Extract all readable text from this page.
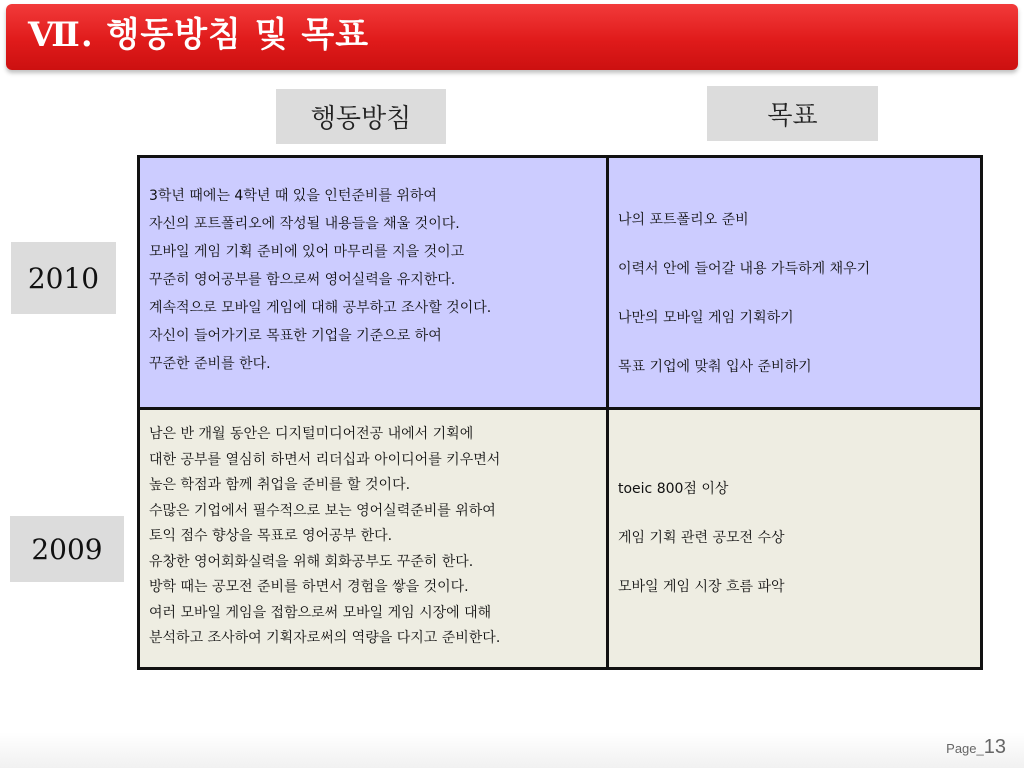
Ⅶ. 행동방침 및 목표
행동방침	목표
2010
2009
3학년 때에는 4학년 때 있을 인턴준비를 위하여
자신의 포트폴리오에 작성될 내용들을 채울 것이다.
모바일 게임 기획 준비에 있어 마무리를 지을 것이고
꾸준히 영어공부를 함으로써 영어실력을 유지한다.
계속적으로 모바일 게임에 대해 공부하고 조사할 것이다.
자신이 들어가기로 목표한 기업을 기준으로 하여
꾸준한 준비를 한다.
나의 포트폴리오 준비
이력서 안에 들어갈 내용 가득하게 채우기
나만의 모바일 게임 기획하기
목표 기업에 맞춰 입사 준비하기
남은 반 개월 동안은 디지털미디어전공 내에서 기획에
대한 공부를 열심히 하면서 리더십과 아이디어를 키우면서
높은 학점과 함께 취업을 준비를 할 것이다.
수많은 기업에서 필수적으로 보는 영어실력준비를 위하여
토익 점수 향상을 목표로 영어공부 한다.
유창한 영어회화실력을 위해 회화공부도 꾸준히 한다.
방학 때는 공모전 준비를 하면서 경험을 쌓을 것이다.
여러 모바일 게임을 접함으로써 모바일 게임 시장에 대해
분석하고 조사하여 기획자로써의 역량을 다지고 준비한다.
toeic 800점 이상
게임 기획 관련 공모전 수상
모바일 게임 시장 흐름 파악
Page_13
